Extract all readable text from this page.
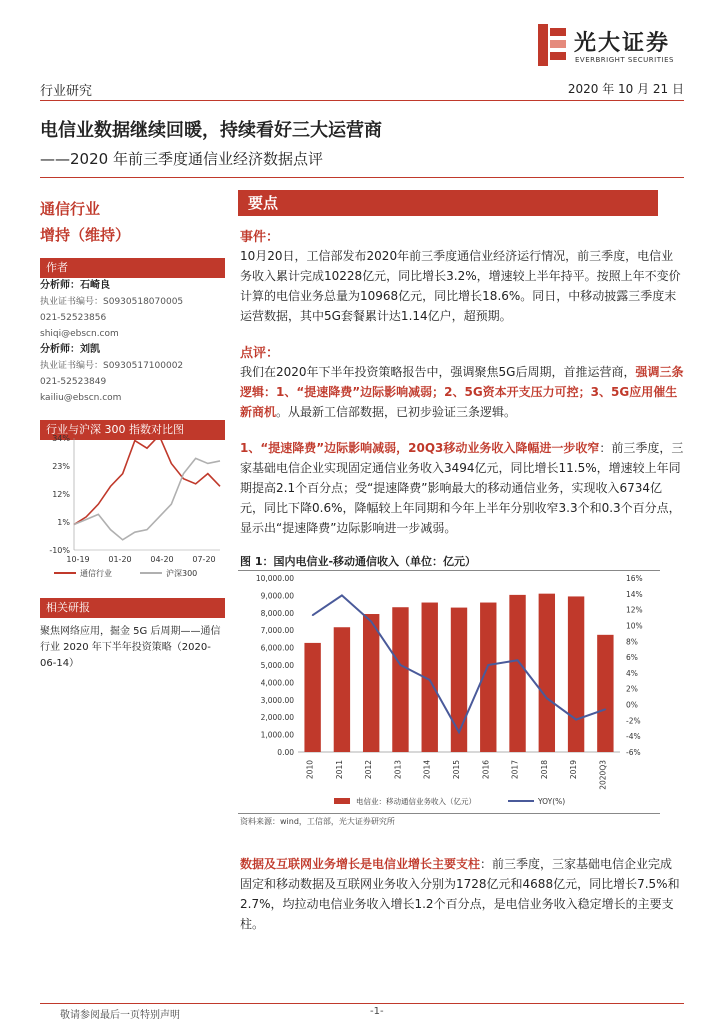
光大证券
EVERBRIGHT SECURITIES
行业研究	2020 年 10 月 21 日
电信业数据继续回暖，持续看好三大运营商
——2020 年前三季度通信业经济数据点评
通信行业
增持（维持）
作者
分析师：石崎良
执业证书编号：S0930518070005
021-52523856
shiqi@ebscn.com
分析师：刘凯
执业证书编号：S0930517100002
021-52523849
kailiu@ebscn.com
行业与沪深 300 指数对比图
34%
23%
12%
1%
-10%
10-19 01-20 04-20 07-20
通信行业	沪深300
相关研报
聚焦网络应用，掘金 5G 后周期——通信行业 2020 年下半年投资策略（2020-06-14）
要点
事件：
10月20日，工信部发布2020年前三季度通信业经济运行情况，前三季度，电信业务收入累计完成10228亿元，同比增长3.2%，增速较上半年持平。按照上年不变价计算的电信业务总量为10968亿元，同比增长18.6%。同日，中移动披露三季度末运营数据，其中5G套餐累计达1.14亿户，超预期。
点评：
我们在2020年下半年投资策略报告中，强调聚焦5G后周期，首推运营商，强调三条逻辑：1、“提速降费”边际影响减弱；2、5G资本开支压力可控；3、5G应用催生新商机。从最新工信部数据，已初步验证三条逻辑。
1、“提速降费”边际影响减弱，20Q3移动业务收入降幅进一步收窄：前三季度，三家基础电信企业实现固定通信业务收入3494亿元，同比增长11.5%，增速较上年同期提高2.1个百分点；受“提速降费”影响最大的移动通信业务，实现收入6734亿元，同比下降0.6%，降幅较上年同期和今年上半年分别收窄3.3个和0.3个百分点，显示出“提速降费”边际影响进一步减弱。
图 1：国内电信业-移动通信收入（单位：亿元）
10,000.00
9,000.00
8,000.00
7,000.00
6,000.00
5,000.00
4,000.00
3,000.00
2,000.00
1,000.00
0.00
16%
14%
12%
10%
8%
6%
4%
2%
0%
-2%
-4%
-6%
2010	2011	2012	2013	2014	2015	2016	2017	2018	2019	2020Q3
电信业：移动通信业务收入（亿元）	YOY(%)
资料来源：wind，工信部，光大证券研究所
数据及互联网业务增长是电信业增长主要支柱：前三季度，三家基础电信企业完成固定和移动数据及互联网业务收入分别为1728亿元和4688亿元，同比增长7.5%和2.7%，均拉动电信业务收入增长1.2个百分点，是电信业务收入稳定增长的主要支柱。
敬请参阅最后一页特别声明	-1-
